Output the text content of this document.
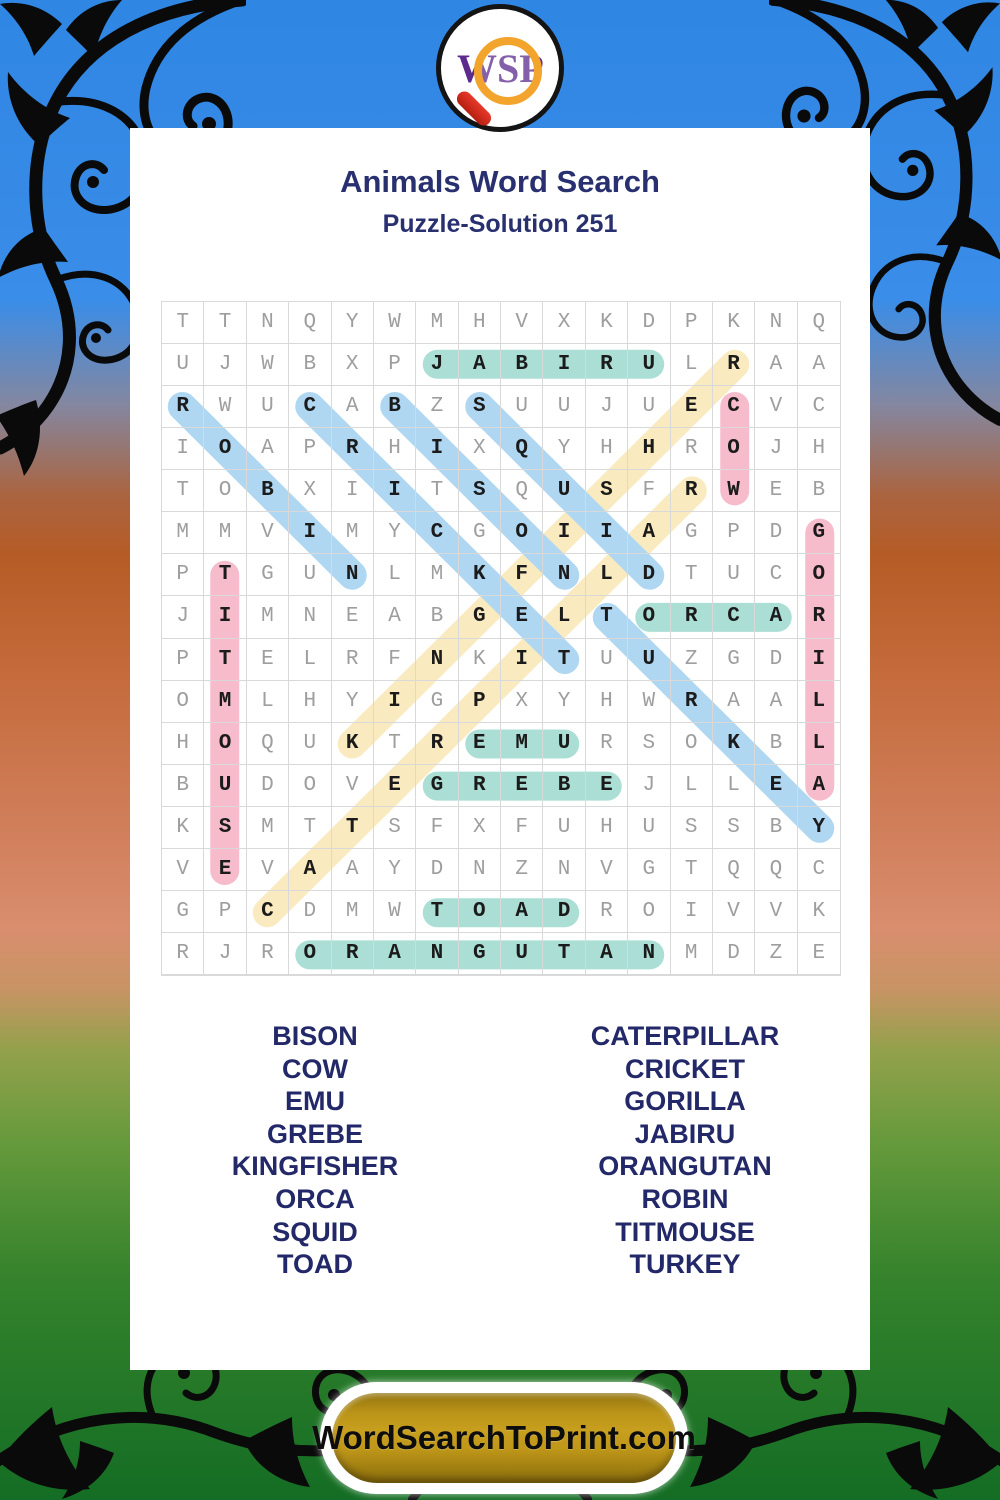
Animals Word Search
Puzzle-Solution 251
T	T	N	Q	Y	W	M	H	V	X	K	D	P	K	N	Q
U	J	W	B	X	P	J	A	B	I	R	U	L	R	A	A
R	W	U	C	A	B	Z	S	U	U	J	U	E	C	V	C
I	O	A	P	R	H	I	X	Q	Y	H	H	R	O	J	H
T	O	B	X	I	I	T	S	Q	U	S	F	R	W	E	B
M	M	V	I	M	Y	C	G	O	I	I	A	G	P	D	G
P	T	G	U	N	L	M	K	F	N	L	D	T	U	C	O
J	I	M	N	E	A	B	G	E	L	T	O	R	C	A	R
P	T	E	L	R	F	N	K	I	T	U	U	Z	G	D	I
O	M	L	H	Y	I	G	P	X	Y	H	W	R	A	A	L
H	O	Q	U	K	T	R	E	M	U	R	S	O	K	B	L
B	U	D	O	V	E	G	R	E	B	E	J	L	L	E	A
K	S	M	T	T	S	F	X	F	U	H	U	S	S	B	Y
V	E	V	A	A	Y	D	N	Z	N	V	G	T	Q	Q	C
G	P	C	D	M	W	T	O	A	D	R	O	I	V	V	K
R	J	R	O	R	A	N	G	U	T	A	N	M	D	Z	E
BISON
COW
EMU
GREBE
KINGFISHER
ORCA
SQUID
TOAD
CATERPILLAR
CRICKET
GORILLA
JABIRU
ORANGUTAN
ROBIN
TITMOUSE
TURKEY
W S P
WordSearchToPrint.com
